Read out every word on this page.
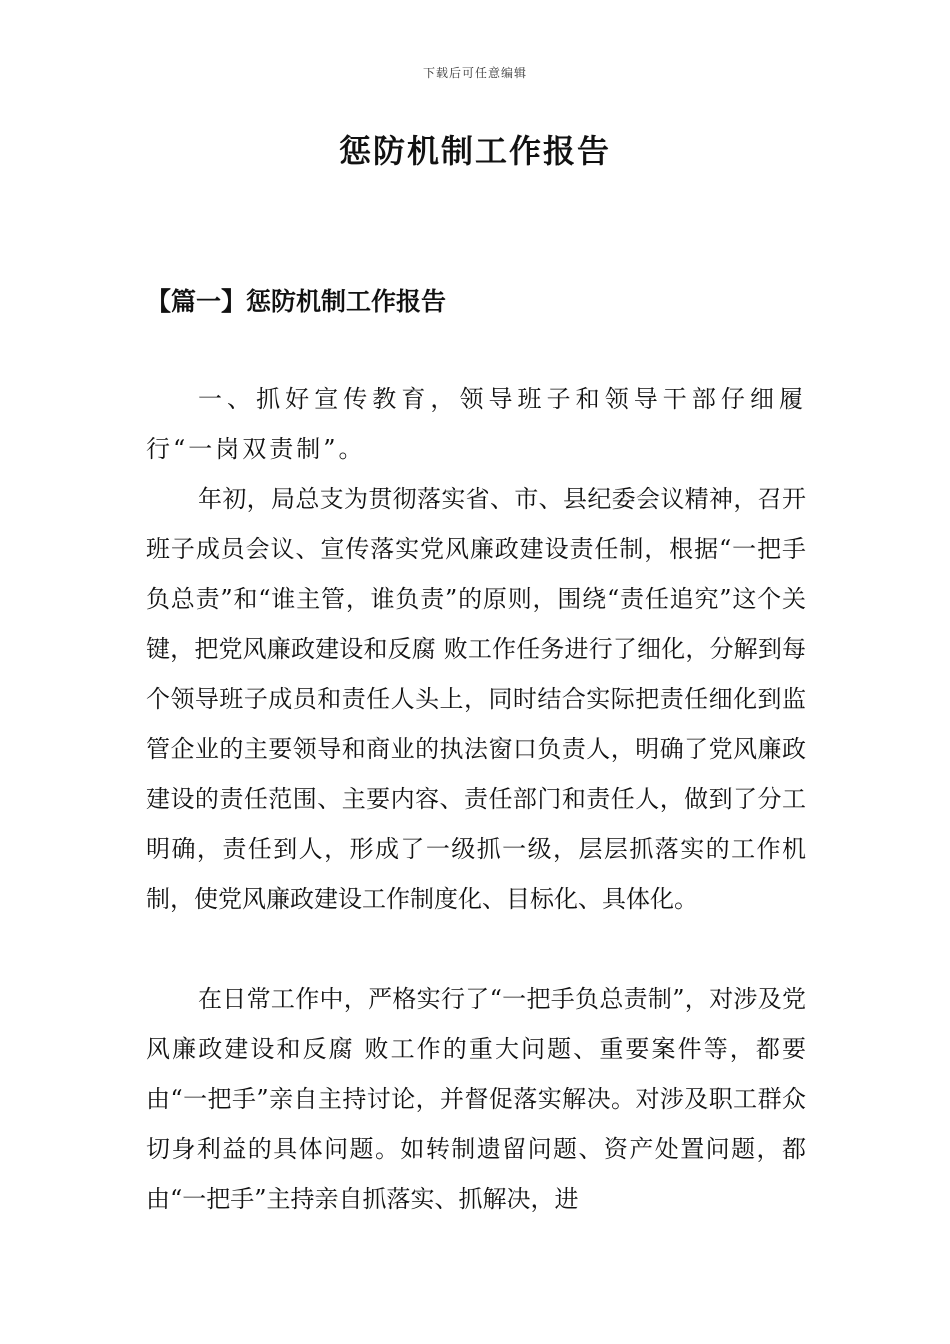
下载后可任意编辑
惩防机制工作报告
【篇一】惩防机制工作报告

一、抓好宣传教育，领导班子和领导干部仔细履行“一岗双责制”。

年初，局总支为贯彻落实省、市、县纪委会议精神，召开班子成员会议、宣传落实党风廉政建设责任制，根据“一把手负总责”和“谁主管，谁负责”的原则，围绕“责任追究”这个关键，把党风廉政建设和反腐 败工作任务进行了细化，分解到每个领导班子成员和责任人头上，同时结合实际把责任细化到监管企业的主要领导和商业的执法窗口负责人，明确了党风廉政建设的责任范围、主要内容、责任部门和责任人，做到了分工明确，责任到人，形成了一级抓一级，层层抓落实的工作机制，使党风廉政建设工作制度化、目标化、具体化。

在日常工作中，严格实行了“一把手负总责制”，对涉及党风廉政建设和反腐 败工作的重大问题、重要案件等，都要由“一把手”亲自主持讨论，并督促落实解决。对涉及职工群众切身利益的具体问题。如转制遗留问题、资产处置问题，都由“一把手”主持亲自抓落实、抓解决，进
